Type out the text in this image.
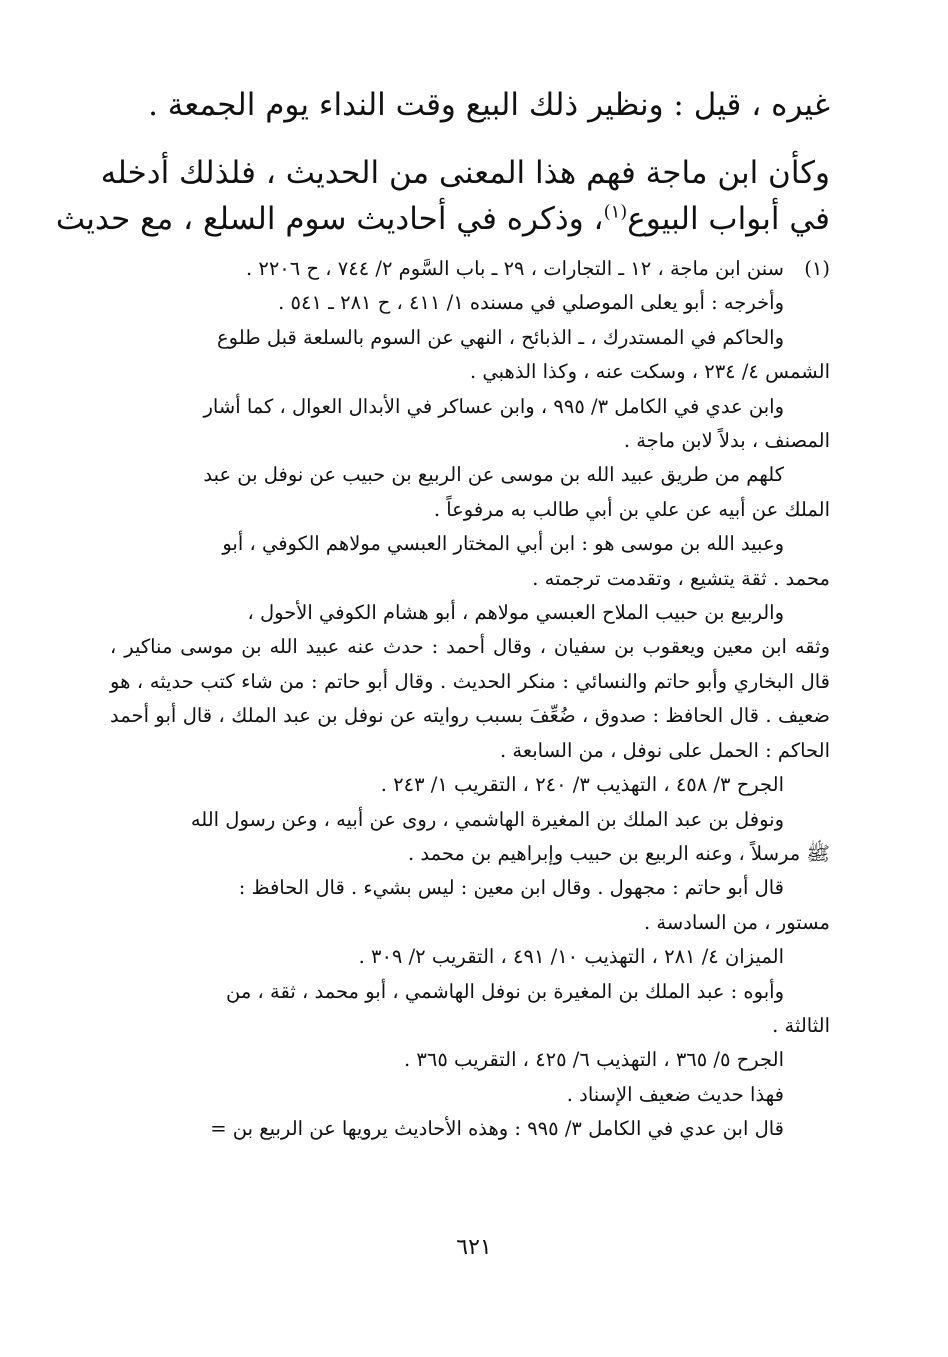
غيره ، قيل : ونظير ذلك البيع وقت النداء يوم الجمعة .
وكأن ابن ماجة فهم هذا المعنى من الحديث ، فلذلك أدخله
في أبواب البيوع$^{(١)}$، وذكره في أحاديث سوم السلع ، مع حديث
(١)
سنن ابن ماجة ، ١٢ ـ التجارات ، ٢٩ ـ باب السَّوم ٢/ ٧٤٤ ، ح ٢٢٠٦ .

وأخرجه : أبو يعلى الموصلي في مسنده ١/ ٤١١ ، ح ٢٨١ ـ ٥٤١ .

والحاكم في المستدرك ، ـ الذبائح ، النهي عن السوم بالسلعة قبل طلوع
الشمس ٤/ ٢٣٤ ، وسكت عنه ، وكذا الذهبي .

وابن عدي في الكامل ٣/ ٩٩٥ ، وابن عساكر في الأبدال العوال ، كما أشار
المصنف ، بدلاً لابن ماجة .

كلهم من طريق عبيد الله بن موسى عن الربيع بن حبيب عن نوفل بن عبد
الملك عن أبيه عن علي بن أبي طالب به مرفوعاً .

وعبيد الله بن موسى هو : ابن أبي المختار العبسي مولاهم الكوفي ، أبو
محمد . ثقة يتشيع ، وتقدمت ترجمته .

والربيع بن حبيب الملاح العبسي مولاهم ، أبو هشام الكوفي الأحول ،
وثقه ابن معين ويعقوب بن سفيان ، وقال أحمد : حدث عنه عبيد الله بن موسى مناكير ، قال البخاري وأبو حاتم والنسائي : منكر الحديث . وقال أبو حاتم : من شاء كتب حديثه ، هو ضعيف . قال الحافظ : صدوق ، ضُعِّفَ بسبب روايته عن نوفل بن عبد الملك ، قال أبو أحمد الحاكم : الحمل على نوفل ، من السابعة .

الجرح ٣/ ٤٥٨ ، التهذيب ٣/ ٢٤٠ ، التقريب ١/ ٢٤٣ .

ونوفل بن عبد الملك بن المغيرة الهاشمي ، روى عن أبيه ، وعن رسول الله
ﷺ مرسلاً ، وعنه الربيع بن حبيب وإبراهيم بن محمد .

قال أبو حاتم : مجهول . وقال ابن معين : ليس بشيء . قال الحافظ :
مستور ، من السادسة .

الميزان ٤/ ٢٨١ ، التهذيب ١٠/ ٤٩١ ، التقريب ٢/ ٣٠٩ .

وأبوه : عبد الملك بن المغيرة بن نوفل الهاشمي ، أبو محمد ، ثقة ، من
الثالثة .

الجرح ٥/ ٣٦٥ ، التهذيب ٦/ ٤٢٥ ، التقريب ٣٦٥ .

فهذا حديث ضعيف الإسناد .

قال ابن عدي في الكامل ٣/ ٩٩٥ : وهذه الأحاديث يرويها عن الربيع بن =

٦٢١
